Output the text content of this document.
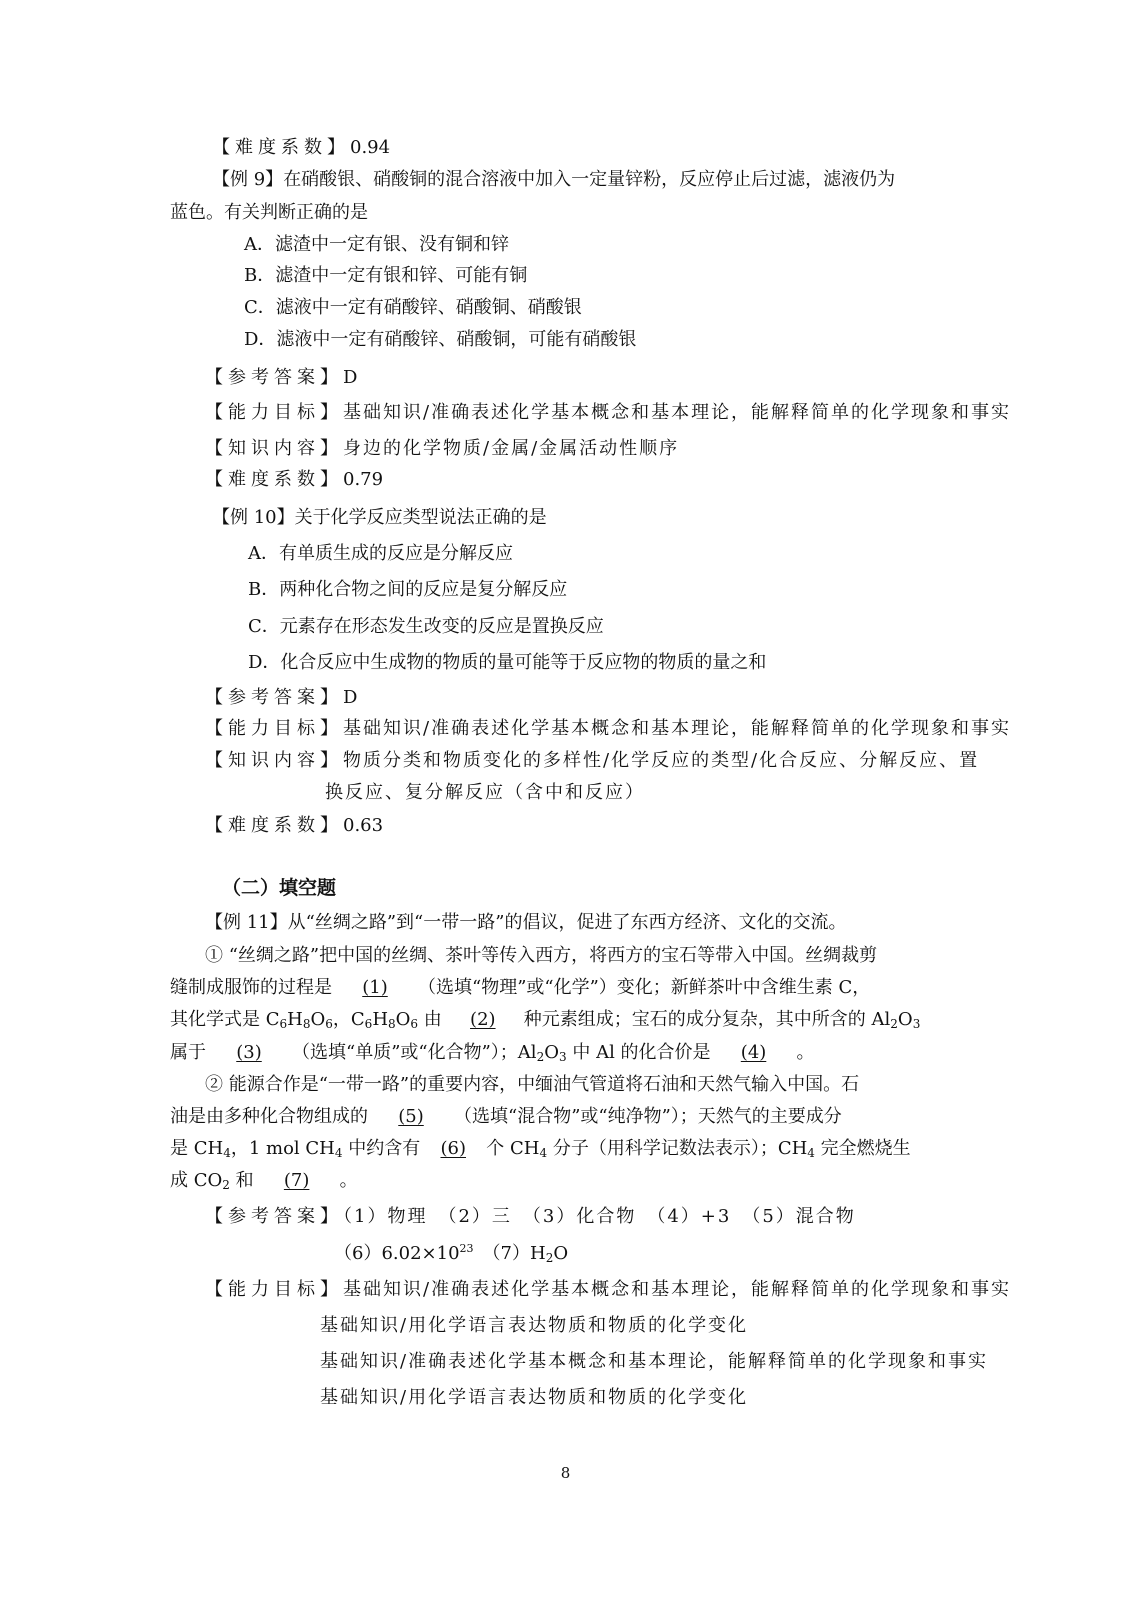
【难度系数】0.94
【例 9】在硝酸银、硝酸铜的混合溶液中加入一定量锌粉，反应停止后过滤，滤液仍为
蓝色。有关判断正确的是
A．滤渣中一定有银、没有铜和锌
B．滤渣中一定有银和锌、可能有铜
C．滤液中一定有硝酸锌、硝酸铜、硝酸银
D．滤液中一定有硝酸锌、硝酸铜，可能有硝酸银
【参考答案】D
【能力目标】基础知识/准确表述化学基本概念和基本理论，能解释简单的化学现象和事实
【知识内容】身边的化学物质/金属/金属活动性顺序
【难度系数】0.79
【例 10】关于化学反应类型说法正确的是
A．有单质生成的反应是分解反应
B．两种化合物之间的反应是复分解反应
C．元素存在形态发生改变的反应是置换反应
D．化合反应中生成物的物质的量可能等于反应物的物质的量之和
【参考答案】D
【能力目标】基础知识/准确表述化学基本概念和基本理论，能解释简单的化学现象和事实
【知识内容】物质分类和物质变化的多样性/化学反应的类型/化合反应、分解反应、置
换反应、复分解反应（含中和反应）
【难度系数】0.63
（二）填空题
【例 11】从“丝绸之路”到“一带一路”的倡议，促进了东西方经济、文化的交流。
① “丝绸之路”把中国的丝绸、茶叶等传入西方，将西方的宝石等带入中国。丝绸裁剪
缝制成服饰的过程是 (1) （选填“物理”或“化学”）变化；新鲜茶叶中含维生素 C，
其化学式是 $C_6H_8O_6$，$C_6H_8O_6$ 由 (2) 种元素组成；宝石的成分复杂，其中所含的 $Al_2O_3$
属于 (3) （选填“单质”或“化合物”）；$Al_2O_3$ 中 Al 的化合价是 (4) 。
② 能源合作是“一带一路”的重要内容，中缅油气管道将石油和天然气输入中国。石
油是由多种化合物组成的 (5) （选填“混合物”或“纯净物”）；天然气的主要成分
是 $CH_4$，1 mol $CH_4$ 中约含有 (6) 个 $CH_4$ 分子（用科学记数法表示）；$CH_4$ 完全燃烧生
成 $CO_2$ 和 (7) 。
【参考答案】（1）物理　（2）三　（3）化合物　（4）+3　（5）混合物
$(6)6.02\times 10^{23}$　$(7)H_2O$
【能力目标】基础知识/准确表述化学基本概念和基本理论，能解释简单的化学现象和事实
基础知识/用化学语言表达物质和物质的化学变化
基础知识/准确表述化学基本概念和基本理论，能解释简单的化学现象和事实
基础知识/用化学语言表达物质和物质的化学变化
8
